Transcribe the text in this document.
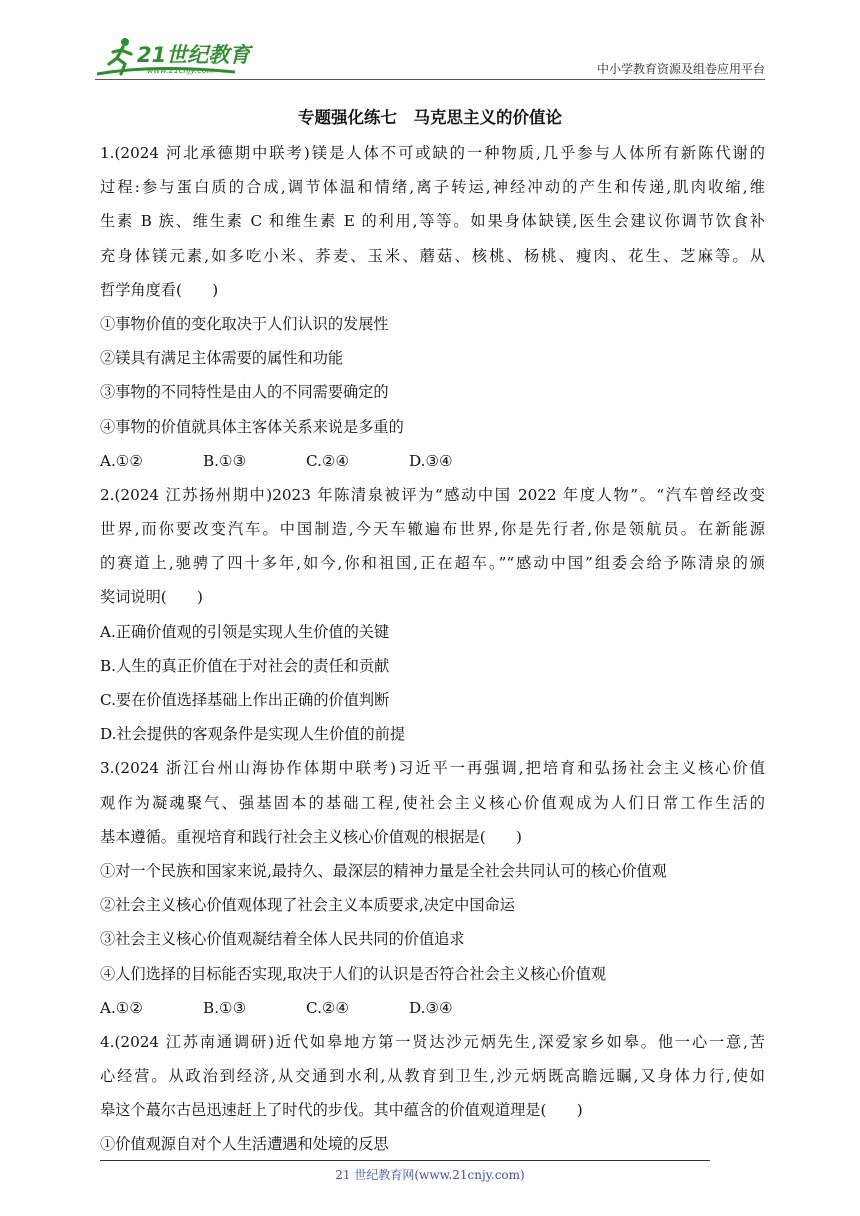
21世纪教育
www.21cnjy.com	中小学教育资源及组卷应用平台
专题强化练七　马克思主义的价值论
1.(2024 河北承德期中联考)镁是人体不可或缺的一种物质,几乎参与人体所有新陈代谢的
过程:参与蛋白质的合成,调节体温和情绪,离子转运,神经冲动的产生和传递,肌肉收缩,维
生素 B 族、维生素 C 和维生素 E 的利用,等等。如果身体缺镁,医生会建议你调节饮食补
充身体镁元素,如多吃小米、荞麦、玉米、蘑菇、核桃、杨桃、瘦肉、花生、芝麻等。从
哲学角度看(　　)
①事物价值的变化取决于人们认识的发展性
②镁具有满足主体需要的属性和功能
③事物的不同特性是由人的不同需要确定的
④事物的价值就具体主客体关系来说是多重的
A.①②	B.①③	C.②④	D.③④
2.(2024 江苏扬州期中)2023 年陈清泉被评为“感动中国 2022 年度人物”。“汽车曾经改变
世界,而你要改变汽车。中国制造,今天车辙遍布世界,你是先行者,你是领航员。在新能源
的赛道上,驰骋了四十多年,如今,你和祖国,正在超车。”“感动中国”组委会给予陈清泉的颁
奖词说明(　　)
A.正确价值观的引领是实现人生价值的关键
B.人生的真正价值在于对社会的责任和贡献
C.要在价值选择基础上作出正确的价值判断
D.社会提供的客观条件是实现人生价值的前提
3.(2024 浙江台州山海协作体期中联考)习近平一再强调,把培育和弘扬社会主义核心价值
观作为凝魂聚气、强基固本的基础工程,使社会主义核心价值观成为人们日常工作生活的
基本遵循。重视培育和践行社会主义核心价值观的根据是(　　)
①对一个民族和国家来说,最持久、最深层的精神力量是全社会共同认可的核心价值观
②社会主义核心价值观体现了社会主义本质要求,决定中国命运
③社会主义核心价值观凝结着全体人民共同的价值追求
④人们选择的目标能否实现,取决于人们的认识是否符合社会主义核心价值观
A.①②	B.①③	C.②④	D.③④
4.(2024 江苏南通调研)近代如皋地方第一贤达沙元炳先生,深爱家乡如皋。他一心一意,苦
心经营。从政治到经济,从交通到水利,从教育到卫生,沙元炳既高瞻远瞩,又身体力行,使如
皋这个蕞尔古邑迅速赶上了时代的步伐。其中蕴含的价值观道理是(　　)
①价值观源自对个人生活遭遇和处境的反思
21 世纪教育网(www.21cnjy.com)
